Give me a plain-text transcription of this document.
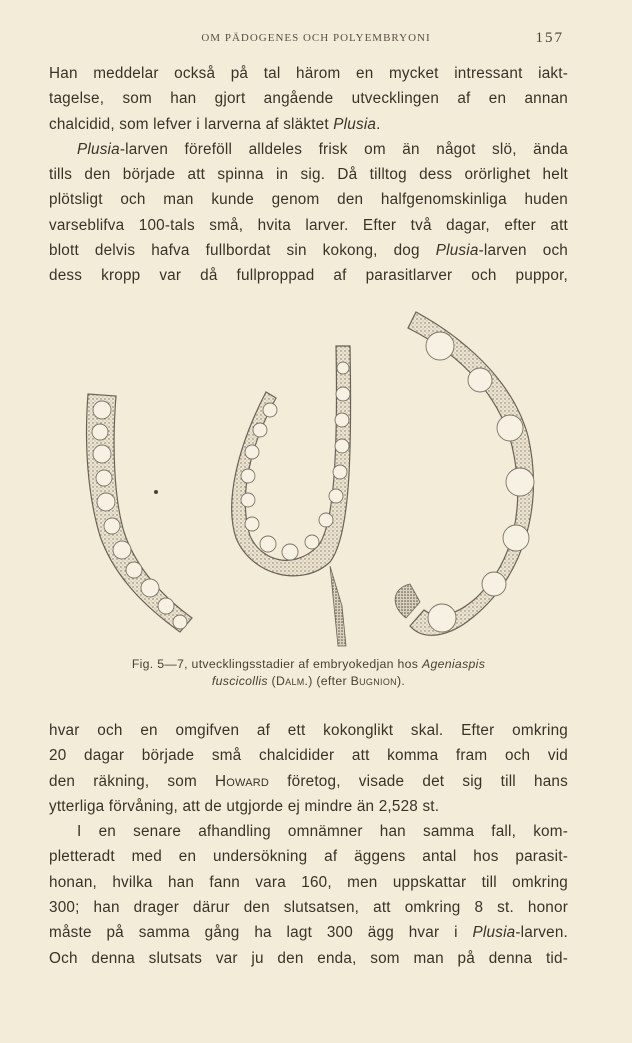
OM PÄDOGENES OCH POLYEMBRYONI	157
Han meddelar också på tal härom en mycket intressant iakt-
tagelse, som han gjort angående utvecklingen af en annan
chalcidid, som lefver i larverna af släktet Plusia.
Plusia-larven föreföll alldeles frisk om än något slö, ända
tills den började att spinna in sig. Då tilltog dess orörlighet helt
plötsligt och man kunde genom den halfgenomskinliga huden
varseblifva 100-tals små, hvita larver. Efter två dagar, efter att
blott delvis hafva fullbordat sin kokong, dog Plusia-larven och
dess kropp var då fullproppad af parasitlarver och puppor,
Fig. 5—7, utvecklingsstadier af embryokedjan hos Ageniaspis
fuscicollis (Dalm.) (efter Bugnion).
hvar och en omgifven af ett kokonglikt skal. Efter omkring
20 dagar började små chalcidider att komma fram och vid
den räkning, som Howard företog, visade det sig till hans
ytterliga förvåning, att de utgjorde ej mindre än 2,528 st.
I en senare afhandling omnämner han samma fall, kom-
pletteradt med en undersökning af äggens antal hos parasit-
honan, hvilka han fann vara 160, men uppskattar till omkring
300; han drager därur den slutsatsen, att omkring 8 st. honor
måste på samma gång ha lagt 300 ägg hvar i Plusia-larven.
Och denna slutsats var ju den enda, som man på denna tid-
